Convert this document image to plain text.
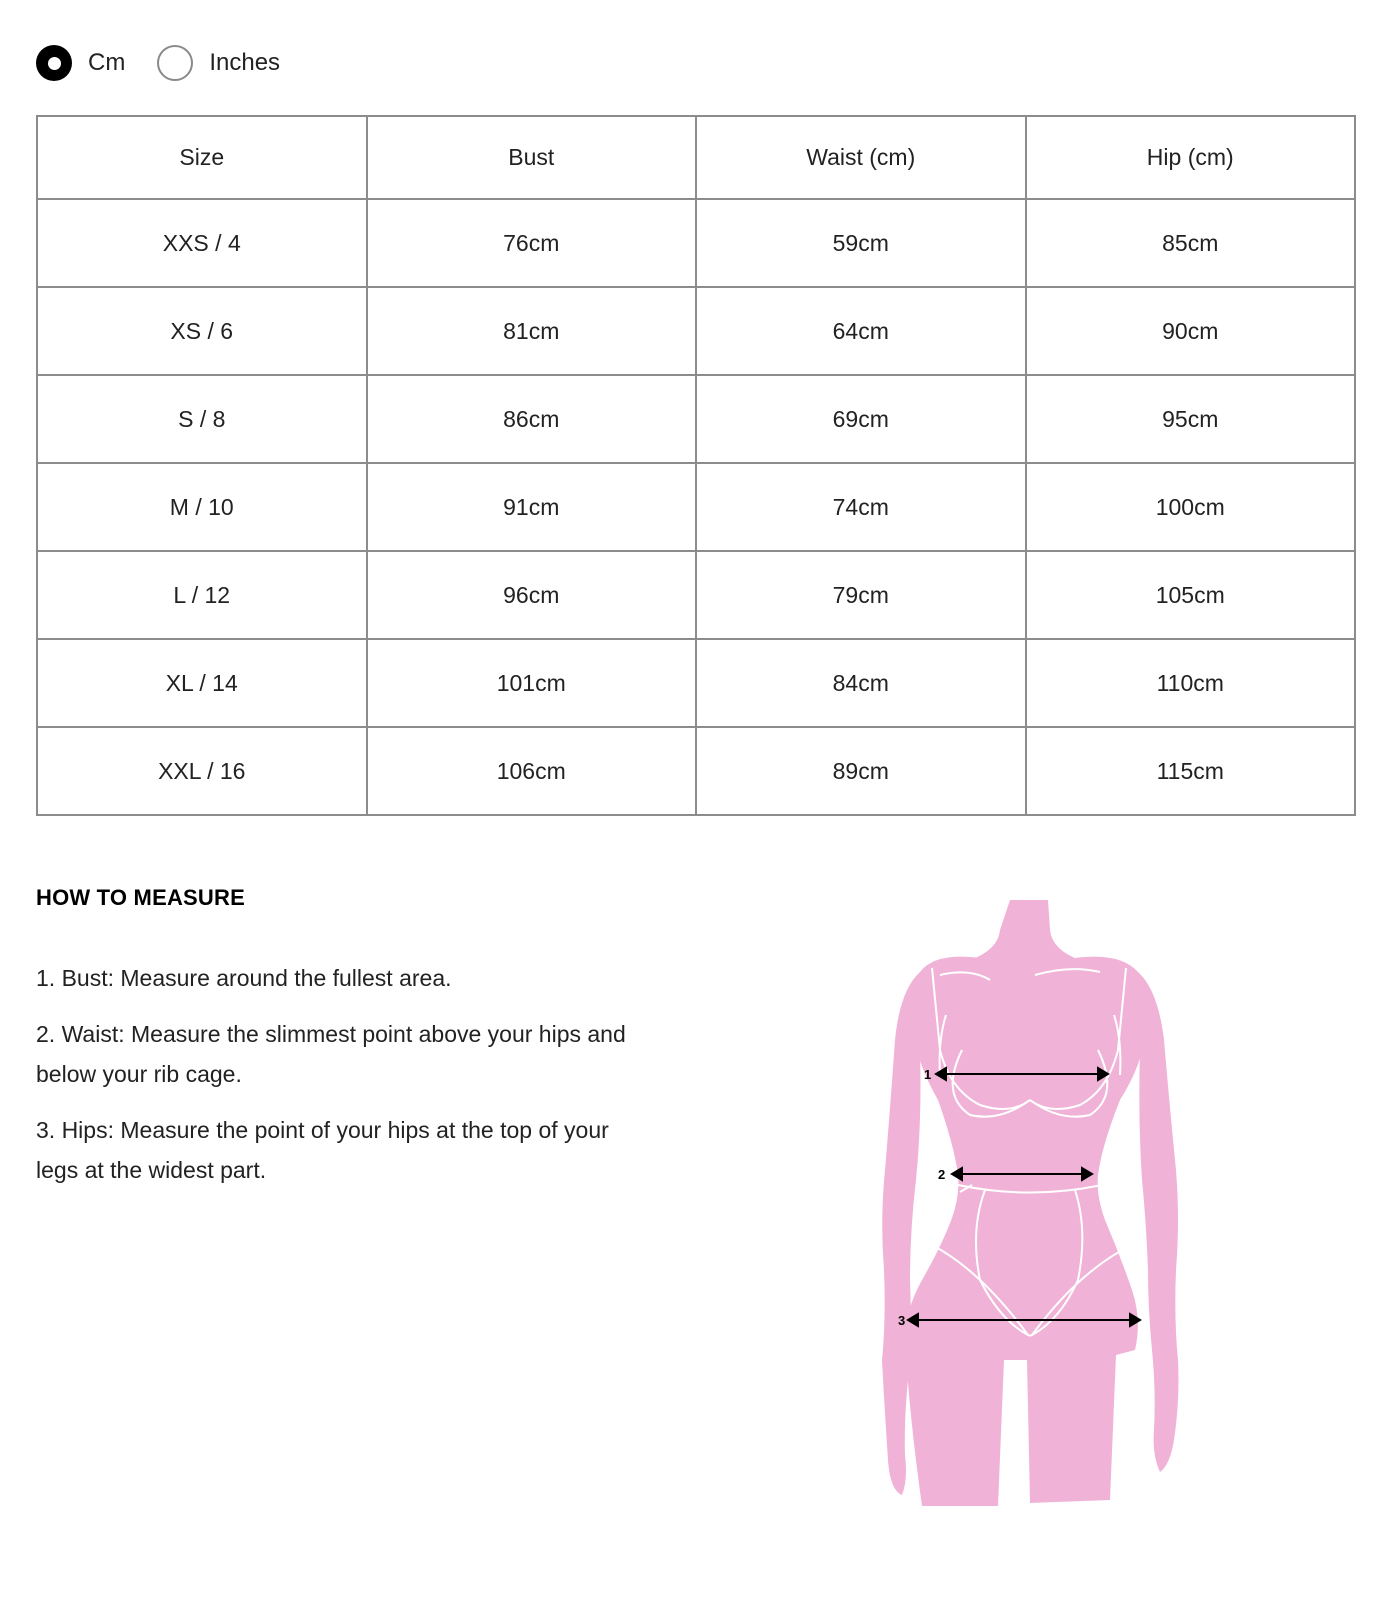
Cm	Inches
Size	Bust	Waist (cm)	Hip (cm)
XXS / 4	76cm	59cm	85cm
XS / 6	81cm	64cm	90cm
S / 8	86cm	69cm	95cm
M / 10	91cm	74cm	100cm
L / 12	96cm	79cm	105cm
XL / 14	101cm	84cm	110cm
XXL / 16	106cm	89cm	115cm
HOW TO MEASURE
1. Bust: Measure around the fullest area.
2. Waist: Measure the slimmest point above your hips and below your rib cage.
3. Hips: Measure the point of your hips at the top of your legs at the widest part.
1
2
3
